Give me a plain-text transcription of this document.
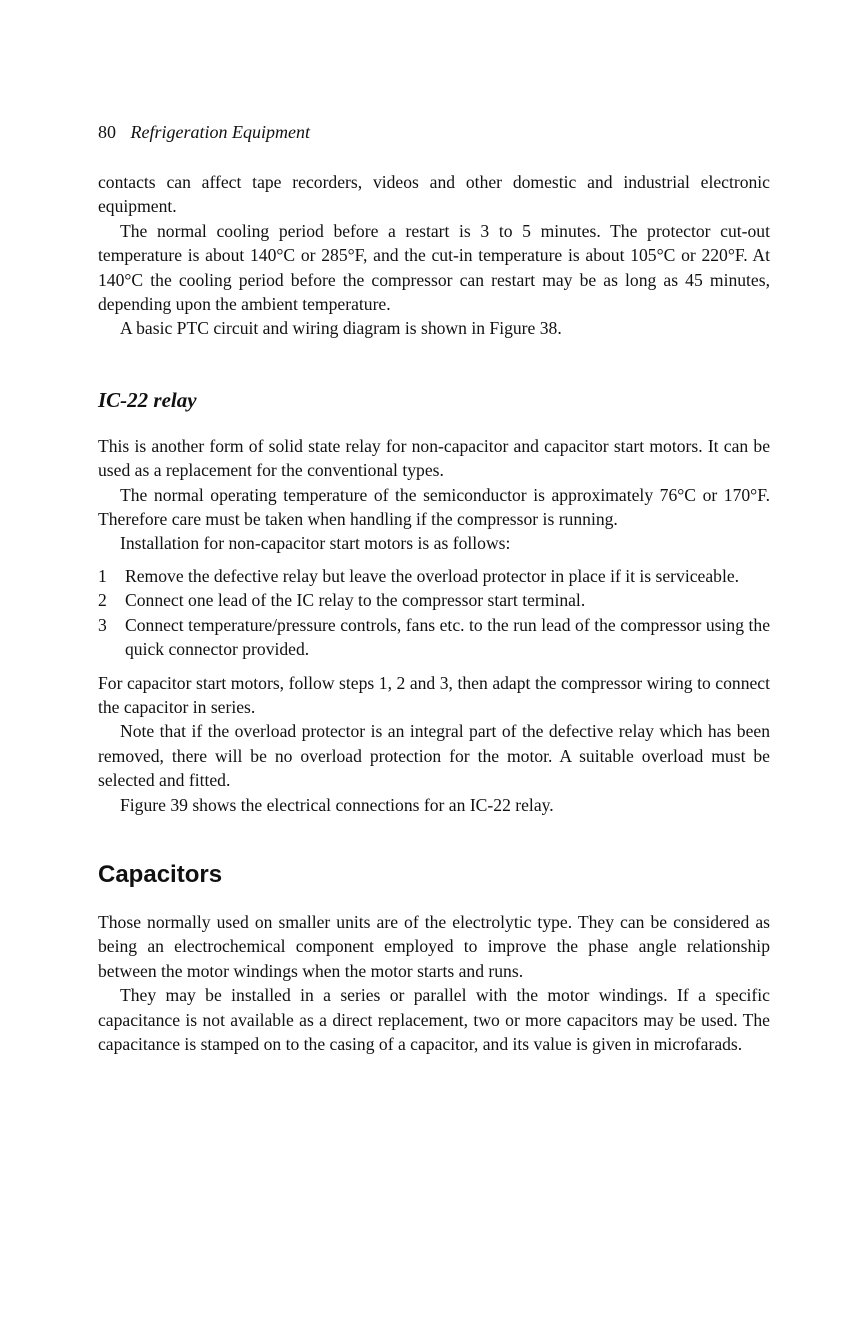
80 Refrigeration Equipment

contacts can affect tape recorders, videos and other domestic and industrial electronic equipment.

The normal cooling period before a restart is 3 to 5 minutes. The protector cut-out temperature is about 140°C or 285°F, and the cut-in temperature is about 105°C or 220°F. At 140°C the cooling period before the compressor can restart may be as long as 45 minutes, depending upon the ambient temperature.

A basic PTC circuit and wiring diagram is shown in Figure 38.

IC-22 relay

This is another form of solid state relay for non-capacitor and capacitor start motors. It can be used as a replacement for the conventional types.

The normal operating temperature of the semiconductor is approximately 76°C or 170°F. Therefore care must be taken when handling if the compressor is running.

Installation for non-capacitor start motors is as follows:

1 Remove the defective relay but leave the overload protector in place if it is serviceable.
2 Connect one lead of the IC relay to the compressor start terminal.
3 Connect temperature/pressure controls, fans etc. to the run lead of the compressor using the quick connector provided.

For capacitor start motors, follow steps 1, 2 and 3, then adapt the compressor wiring to connect the capacitor in series.

Note that if the overload protector is an integral part of the defective relay which has been removed, there will be no overload protection for the motor. A suitable overload must be selected and fitted.

Figure 39 shows the electrical connections for an IC-22 relay.

Capacitors

Those normally used on smaller units are of the electrolytic type. They can be considered as being an electrochemical component employed to improve the phase angle relationship between the motor windings when the motor starts and runs.

They may be installed in a series or parallel with the motor windings. If a specific capacitance is not available as a direct replacement, two or more capacitors may be used. The capacitance is stamped on to the casing of a capacitor, and its value is given in microfarads.
